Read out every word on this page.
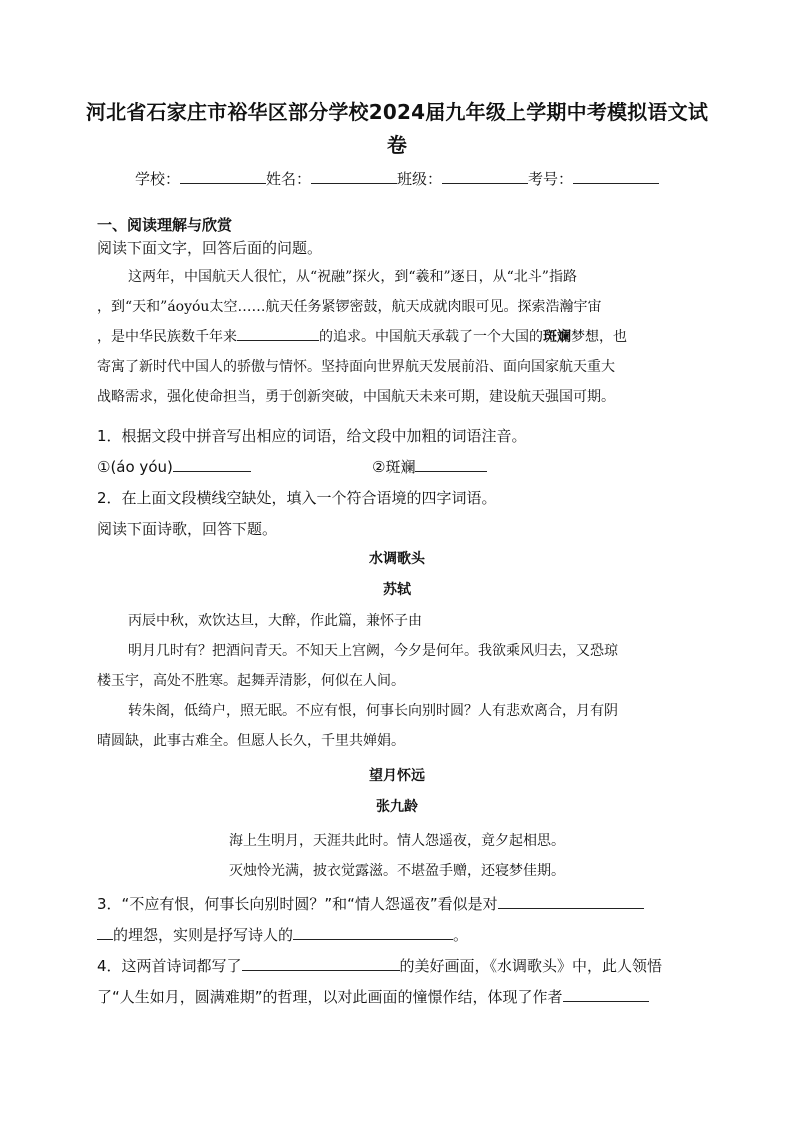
河北省石家庄市裕华区部分学校2024届九年级上学期中考模拟语文试
卷
学校：	姓名：	班级：	考号：
一、阅读理解与欣赏
阅读下面文字，回答后面的问题。
这两年，中国航天人很忙，从“祝融”探火，到“羲和”逐日，从“北斗”指路
，到“天和”áoyóu太空……航天任务紧锣密鼓，航天成就肉眼可见。探索浩瀚宇宙
，是中华民族数千年来	的追求。中国航天承载了一个大国的斑斓梦想，也
寄寓了新时代中国人的骄傲与情怀。坚持面向世界航天发展前沿、面向国家航天重大
战略需求，强化使命担当，勇于创新突破，中国航天未来可期，建设航天强国可期。
1．根据文段中拼音写出相应的词语，给文段中加粗的词语注音。
①(áo yóu)	②斑斓
2．在上面文段横线空缺处，填入一个符合语境的四字词语。
阅读下面诗歌，回答下题。
水调歌头
苏轼
丙辰中秋，欢饮达旦，大醉，作此篇，兼怀子由
明月几时有？把酒问青天。不知天上宫阙，今夕是何年。我欲乘风归去，又恐琼
楼玉宇，高处不胜寒。起舞弄清影，何似在人间。
转朱阁，低绮户，照无眠。不应有恨，何事长向别时圆？人有悲欢离合，月有阴
晴圆缺，此事古难全。但愿人长久，千里共婵娟。
望月怀远
张九龄
海上生明月，天涯共此时。情人怨遥夜，竟夕起相思。
灭烛怜光满，披衣觉露滋。不堪盈手赠，还寝梦佳期。
3．“不应有恨，何事长向别时圆？”和“情人怨遥夜”看似是对
的埋怨，实则是抒写诗人的	。
4．这两首诗词都写了	的美好画面，《水调歌头》中，此人领悟
了“人生如月，圆满难期”的哲理，以对此画面的憧憬作结，体现了作者
